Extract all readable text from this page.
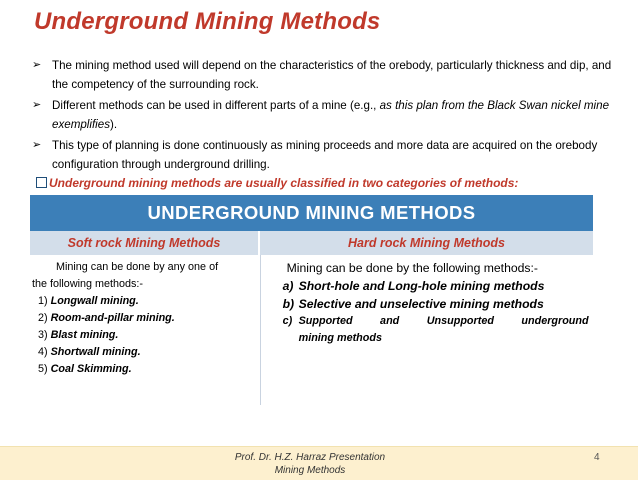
Underground Mining Methods
➢ The mining method used will depend on the characteristics of the orebody, particularly thickness and dip, and the competency of the surrounding rock.
➢ Different methods can be used in different parts of a mine (e.g., as this plan from the Black Swan nickel mine exemplifies).
➢ This type of planning is done continuously as mining proceeds and more data are acquired on the orebody configuration through underground drilling.
Underground mining methods are usually classified in two categories of methods:
UNDERGROUND MINING METHODS
Soft rock Mining Methods	Hard rock Mining Methods
Mining can be done by any one of
the following methods:-
1) Longwall mining.
2) Room-and-pillar mining.
3) Blast mining.
4) Shortwall mining.
5) Coal Skimming.
Mining can be done by the following methods:-
a) Short-hole and Long-hole mining methods
b) Selective and unselective mining methods
c) Supported and Unsupported underground
mining methods
Prof. Dr. H.Z. Harraz Presentation
Mining Methods
4
